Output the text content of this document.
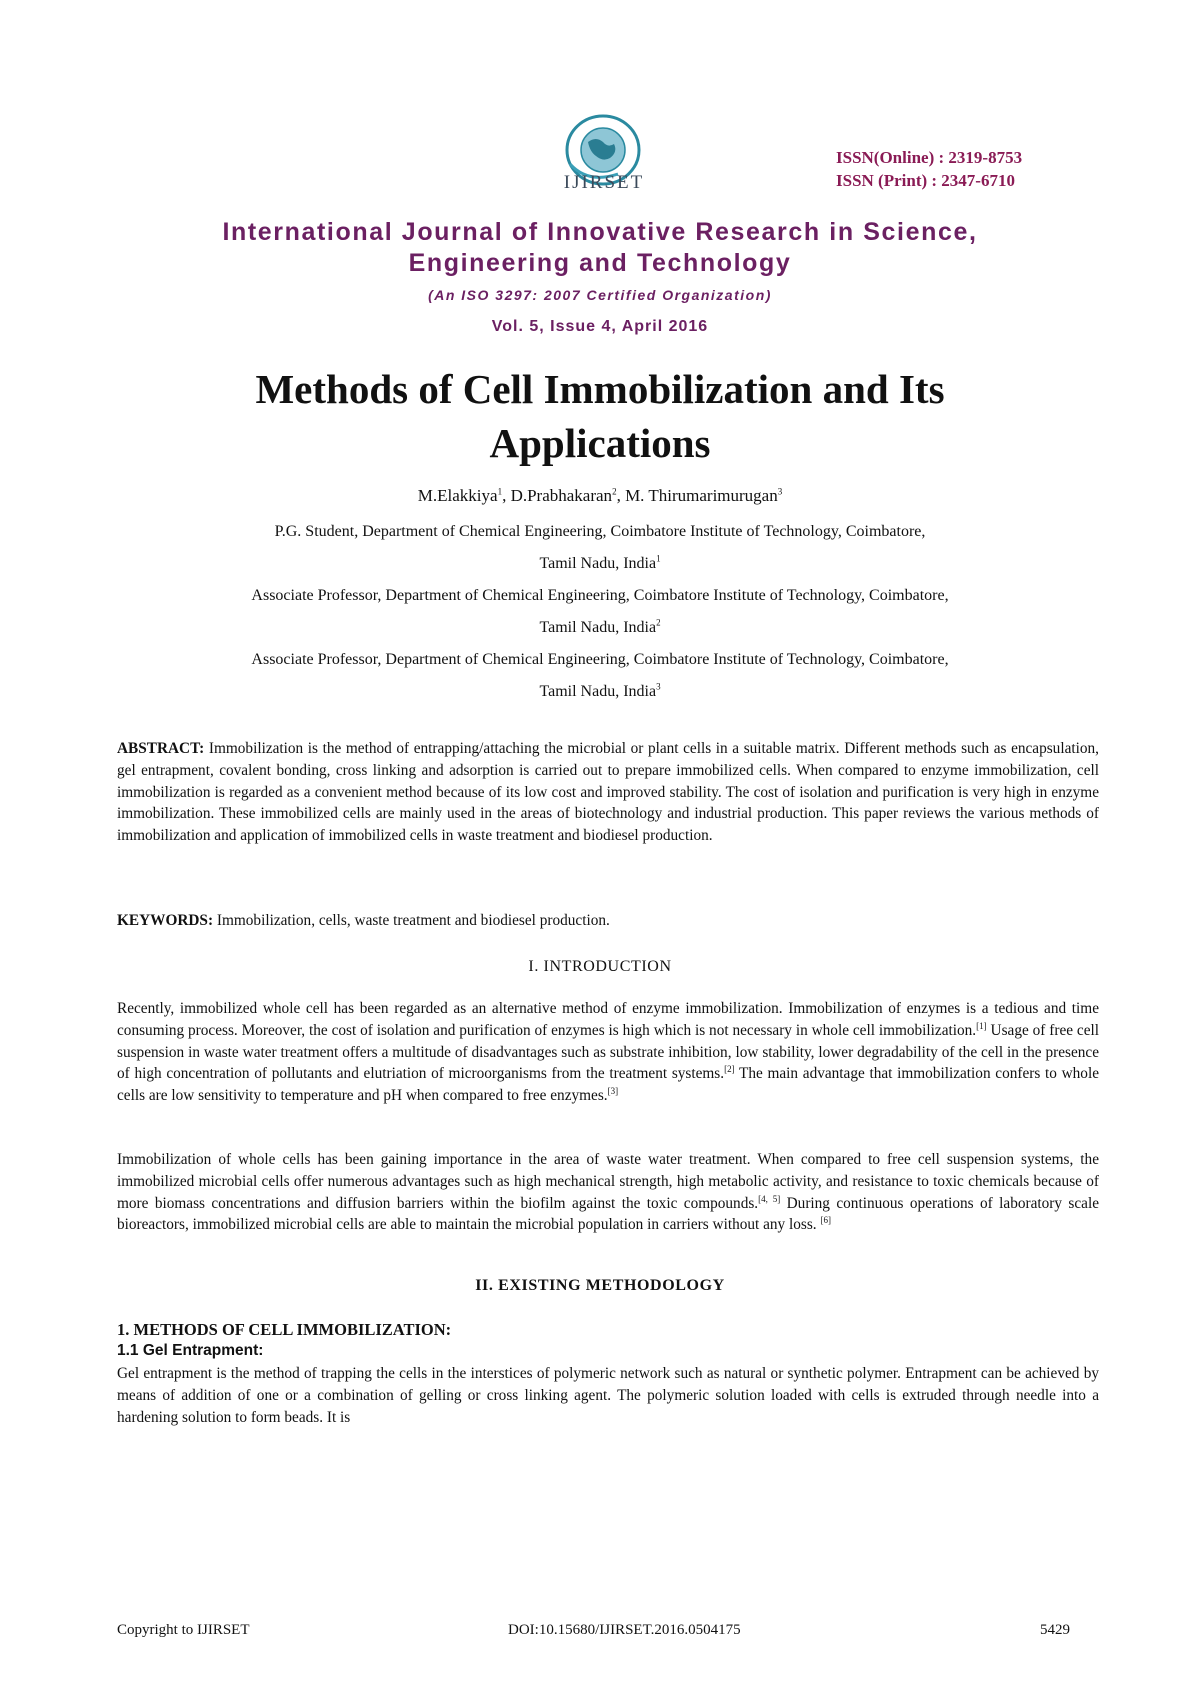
IJIRSET
ISSN(Online) : 2319-8753
ISSN (Print) : 2347-6710
International Journal of Innovative Research in Science,
Engineering and Technology
(An ISO 3297: 2007 Certified Organization)
Vol. 5, Issue 4, April 2016
Methods of Cell Immobilization and Its
Applications
M.Elakkiya$^1$, D.Prabhakaran$^2$, M. Thirumarimurugan$^3$
P.G. Student, Department of Chemical Engineering, Coimbatore Institute of Technology, Coimbatore,
Tamil Nadu, India$^1$
Associate Professor, Department of Chemical Engineering, Coimbatore Institute of Technology, Coimbatore,
Tamil Nadu, India$^2$
Associate Professor, Department of Chemical Engineering, Coimbatore Institute of Technology, Coimbatore,
Tamil Nadu, India$^3$
ABSTRACT: Immobilization is the method of entrapping/attaching the microbial or plant cells in a suitable matrix. Different methods such as encapsulation, gel entrapment, covalent bonding, cross linking and adsorption is carried out to prepare immobilized cells. When compared to enzyme immobilization, cell immobilization is regarded as a convenient method because of its low cost and improved stability. The cost of isolation and purification is very high in enzyme immobilization. These immobilized cells are mainly used in the areas of biotechnology and industrial production. This paper reviews the various methods of immobilization and application of immobilized cells in waste treatment and biodiesel production.
KEYWORDS: Immobilization, cells, waste treatment and biodiesel production.
I. INTRODUCTION
Recently, immobilized whole cell has been regarded as an alternative method of enzyme immobilization. Immobilization of enzymes is a tedious and time consuming process. Moreover, the cost of isolation and purification of enzymes is high which is not necessary in whole cell immobilization.[1] Usage of free cell suspension in waste water treatment offers a multitude of disadvantages such as substrate inhibition, low stability, lower degradability of the cell in the presence of high concentration of pollutants and elutriation of microorganisms from the treatment systems.[2] The main advantage that immobilization confers to whole cells are low sensitivity to temperature and pH when compared to free enzymes.[3]
Immobilization of whole cells has been gaining importance in the area of waste water treatment. When compared to free cell suspension systems, the immobilized microbial cells offer numerous advantages such as high mechanical strength, high metabolic activity, and resistance to toxic chemicals because of more biomass concentrations and diffusion barriers within the biofilm against the toxic compounds.[4, 5] During continuous operations of laboratory scale bioreactors, immobilized microbial cells are able to maintain the microbial population in carriers without any loss. [6]
II. EXISTING METHODOLOGY
1. METHODS OF CELL IMMOBILIZATION:
1.1 Gel Entrapment:
Gel entrapment is the method of trapping the cells in the interstices of polymeric network such as natural or synthetic polymer. Entrapment can be achieved by means of addition of one or a combination of gelling or cross linking agent. The polymeric solution loaded with cells is extruded through needle into a hardening solution to form beads. It is
Copyright to IJIRSET	DOI:10.15680/IJIRSET.2016.0504175	5429
